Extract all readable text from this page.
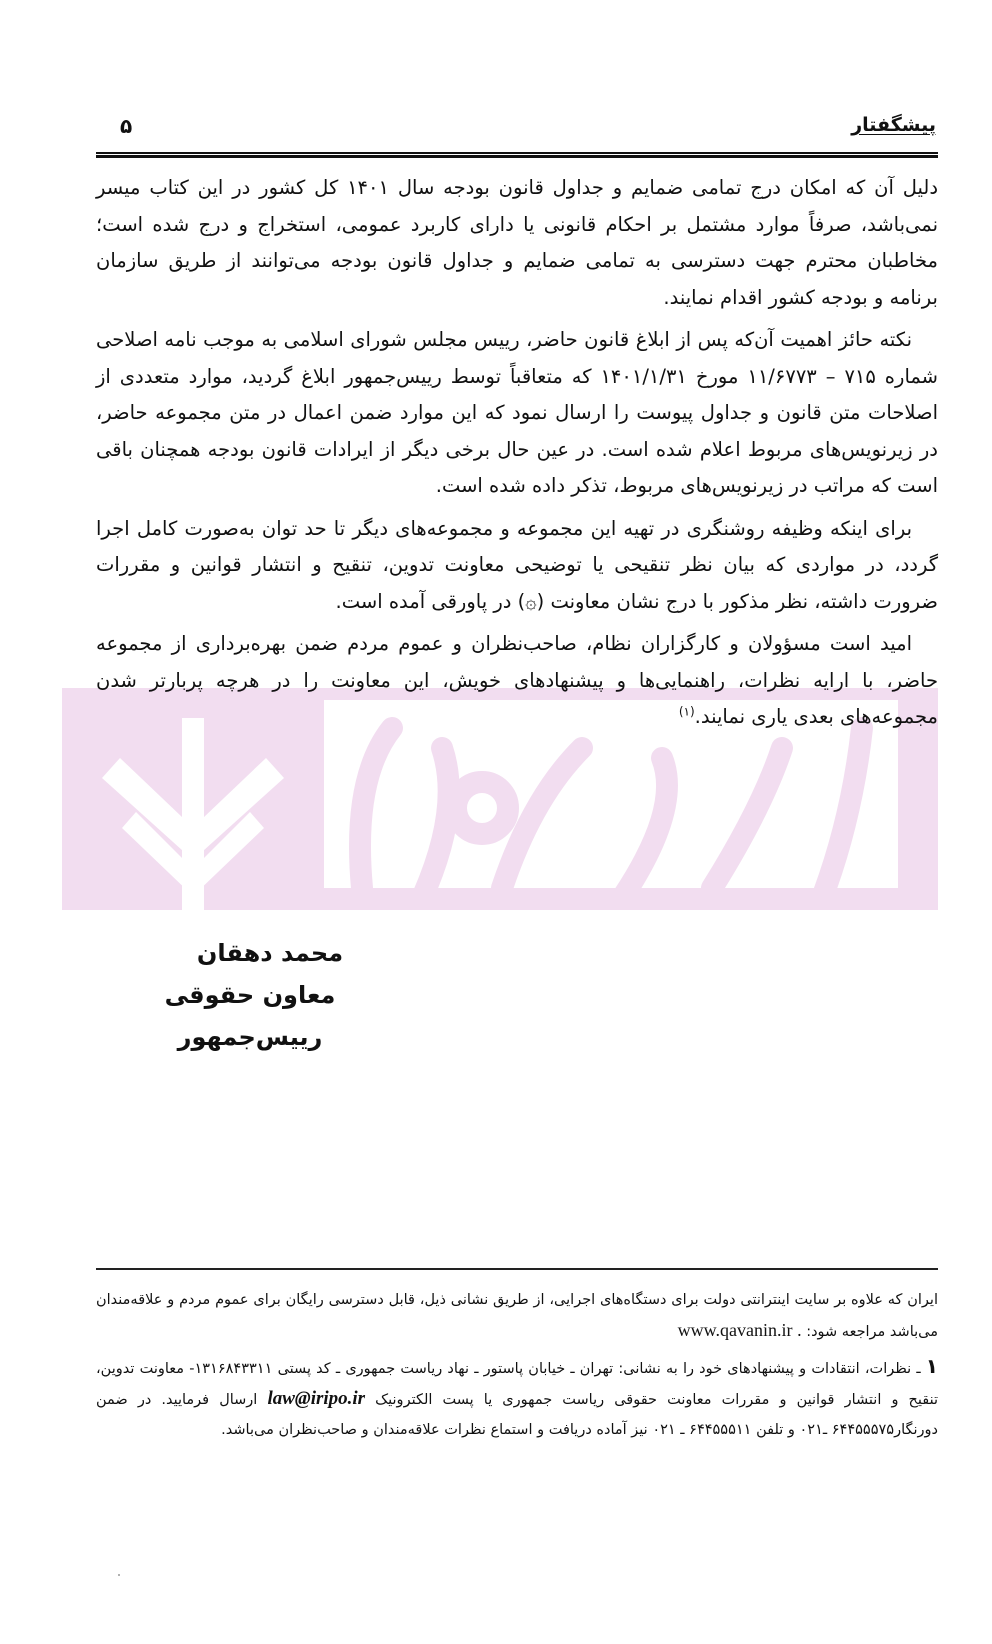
پیشگفتار
۵

دلیل آن که امکان درج تمامی ضمایم و جداول قانون بودجه سال ۱۴۰۱ کل کشور در این کتاب میسر نمی‌باشد، صرفاً موارد مشتمل بر احکام قانونی یا دارای کاربرد عمومی، استخراج و درج شده است؛ مخاطبان محترم جهت دسترسی به تمامی ضمایم و جداول قانون بودجه می‌توانند از طریق سازمان برنامه و بودجه کشور اقدام نمایند.

نکته حائز اهمیت آن‌که پس از ابلاغ قانون حاضر، رییس مجلس شورای اسلامی به موجب نامه اصلاحی شماره ۷۱۵ – ۱۱/۶۷۷۳ مورخ ۱۴۰۱/۱/۳۱ که متعاقباً توسط رییس‌جمهور ابلاغ گردید، موارد متعددی از اصلاحات متن قانون و جداول پیوست را ارسال نمود که این موارد ضمن اعمال در متن مجموعه حاضر، در زیرنویس‌های مربوط اعلام شده است. در عین حال برخی دیگر از ایرادات قانون بودجه همچنان باقی است که مراتب در زیرنویس‌های مربوط، تذکر داده شده است.

برای اینکه وظیفه روشنگری در تهیه این مجموعه و مجموعه‌های دیگر تا حد توان به‌صورت کامل اجرا گردد، در مواردی که بیان نظر تنقیحی یا توضیحی معاونت تدوین، تنقیح و انتشار قوانین و مقررات ضرورت داشته، نظر مذکور با درج نشان معاونت (۞) در پاورقی آمده است.

امید است مسؤولان و کارگزاران نظام، صاحب‌نظران و عموم مردم ضمن بهره‌برداری از مجموعه حاضر، با ارایه نظرات، راهنمایی‌ها و پیشنهادهای خویش، این معاونت را در هرچه پربارتر شدن مجموعه‌های بعدی یاری نمایند.$^{(۱)}$

محمد دهقان
معاون حقوقی رییس‌جمهور

ایران که علاوه بر سایت اینترانتی دولت برای دستگاه‌های اجرایی، از طریق نشانی ذیل، قابل دسترسی رایگان برای عموم مردم و علاقه‌مندان می‌باشد مراجعه شود: www.qavanin.ir .

۱ ـ نظرات، انتقادات و پیشنهادهای خود را به نشانی: تهران ـ خیابان پاستور ـ نهاد ریاست جمهوری ـ کد پستی ۱۳۱۶۸۴۳۳۱۱- معاونت تدوین، تنقیح و انتشار قوانین و مقررات معاونت حقوقی ریاست جمهوری یا پست الکترونیک law@iripo.ir ارسال فرمایید. در ضمن دورنگار۶۴۴۵۵۵۷۵ ـ۰۲۱ و تلفن ۶۴۴۵۵۵۱۱ ـ ۰۲۱ نیز آماده دریافت و استماع نظرات علاقه‌مندان و صاحب‌نظران می‌باشد.
